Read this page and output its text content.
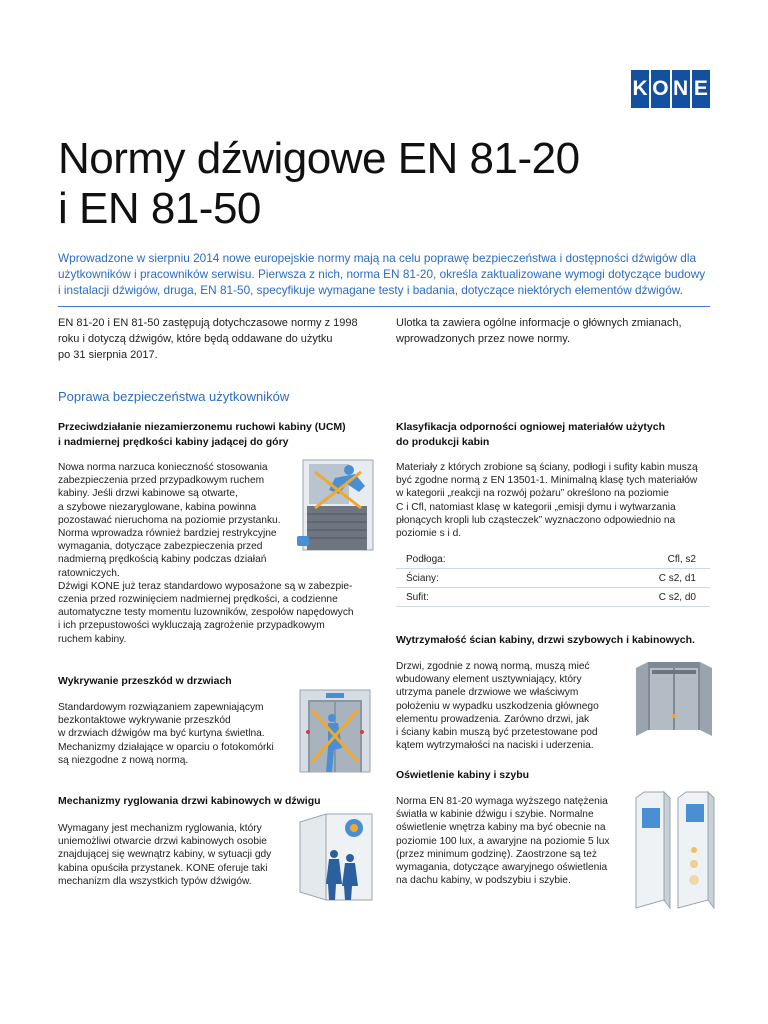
K O N E
Normy dźwigowe EN 81-20
i EN 81-50
Wprowadzone w sierpniu 2014 nowe europejskie normy mają na celu poprawę bezpieczeństwa i dostępności dźwigów dla
użytkowników i pracowników serwisu. Pierwsza z nich, norma EN 81-20, określa zaktualizowane wymogi dotyczące budowy
i instalacji dźwigów, druga, EN 81-50, specyfikuje wymagane testy i badania, dotyczące niektórych elementów dźwigów.
EN 81-20 i EN 81-50 zastępują dotychczasowe normy z 1998
roku i dotyczą dźwigów, które będą oddawane do użytku
po 31 sierpnia 2017.
Ulotka ta zawiera ogólne informacje o głównych zmianach,
wprowadzonych przez nowe normy.
Poprawa bezpieczeństwa użytkowników
Przeciwdziałanie niezamierzonemu ruchowi kabiny (UCM)
i nadmiernej prędkości kabiny jadącej do góry
Nowa norma narzuca konieczność stosowania
zabezpieczenia przed przypadkowym ruchem
kabiny. Jeśli drzwi kabinowe są otwarte,
a szybowe niezaryglowane, kabina powinna
pozostawać nieruchoma na poziomie przystanku.
Norma wprowadza również bardziej restrykcyjne
wymagania, dotyczące zabezpieczenia przed
nadmierną prędkością kabiny podczas działań
ratowniczych.
Dźwigi KONE już teraz standardowo wyposażone są w zabezpie-
czenia przed rozwinięciem nadmiernej prędkości, a codzienne
automatyczne testy momentu luzowników, zespołów napędowych
i ich przepustowości wykluczają zagrożenie przypadkowym
ruchem kabiny.
Wykrywanie przeszkód w drzwiach
Standardowym rozwiązaniem zapewniającym
bezkontaktowe wykrywanie przeszkód
w drzwiach dźwigów ma być kurtyna świetlna.
Mechanizmy działające w oparciu o fotokomórki
są niezgodne z nową normą.
Mechanizmy ryglowania drzwi kabinowych w dźwigu
Wymagany jest mechanizm ryglowania, który
uniemożliwi otwarcie drzwi kabinowych osobie
znajdującej się wewnątrz kabiny, w sytuacji gdy
kabina opuściła przystanek. KONE oferuje taki
mechanizm dla wszystkich typów dźwigów.
Klasyfikacja odporności ogniowej materiałów użytych
do produkcji kabin
Materiały z których zrobione są ściany, podłogi i sufity kabin muszą
być zgodne normą z EN 13501-1. Minimalną klasę tych materiałów
w kategorii „reakcji na rozwój pożaru” określono na poziomie
C i Cfl, natomiast klasę w kategorii „emisji dymu i wytwarzania
płonących kropli lub cząsteczek” wyznaczono odpowiednio na
poziomie s i d.
Podłoga:	Cfl, s2
Ściany:	C s2, d1
Sufit:	C s2, d0
Wytrzymałość ścian kabiny, drzwi szybowych i kabinowych.
Drzwi, zgodnie z nową normą, muszą mieć
wbudowany element usztywniający, który
utrzyma panele drzwiowe we właściwym
położeniu w wypadku uszkodzenia głównego
elementu prowadzenia. Zarówno drzwi, jak
i ściany kabin muszą być przetestowane pod
kątem wytrzymałości na naciski i uderzenia.
Oświetlenie kabiny i szybu
Norma EN 81-20 wymaga wyższego natężenia
światła w kabinie dźwigu i szybie. Normalne
oświetlenie wnętrza kabiny ma być obecnie na
poziomie 100 lux, a awaryjne na poziomie 5 lux
(przez minimum godzinę). Zaostrzone są też
wymagania, dotyczące awaryjnego oświetlenia
na dachu kabiny, w podszybiu i szybie.
